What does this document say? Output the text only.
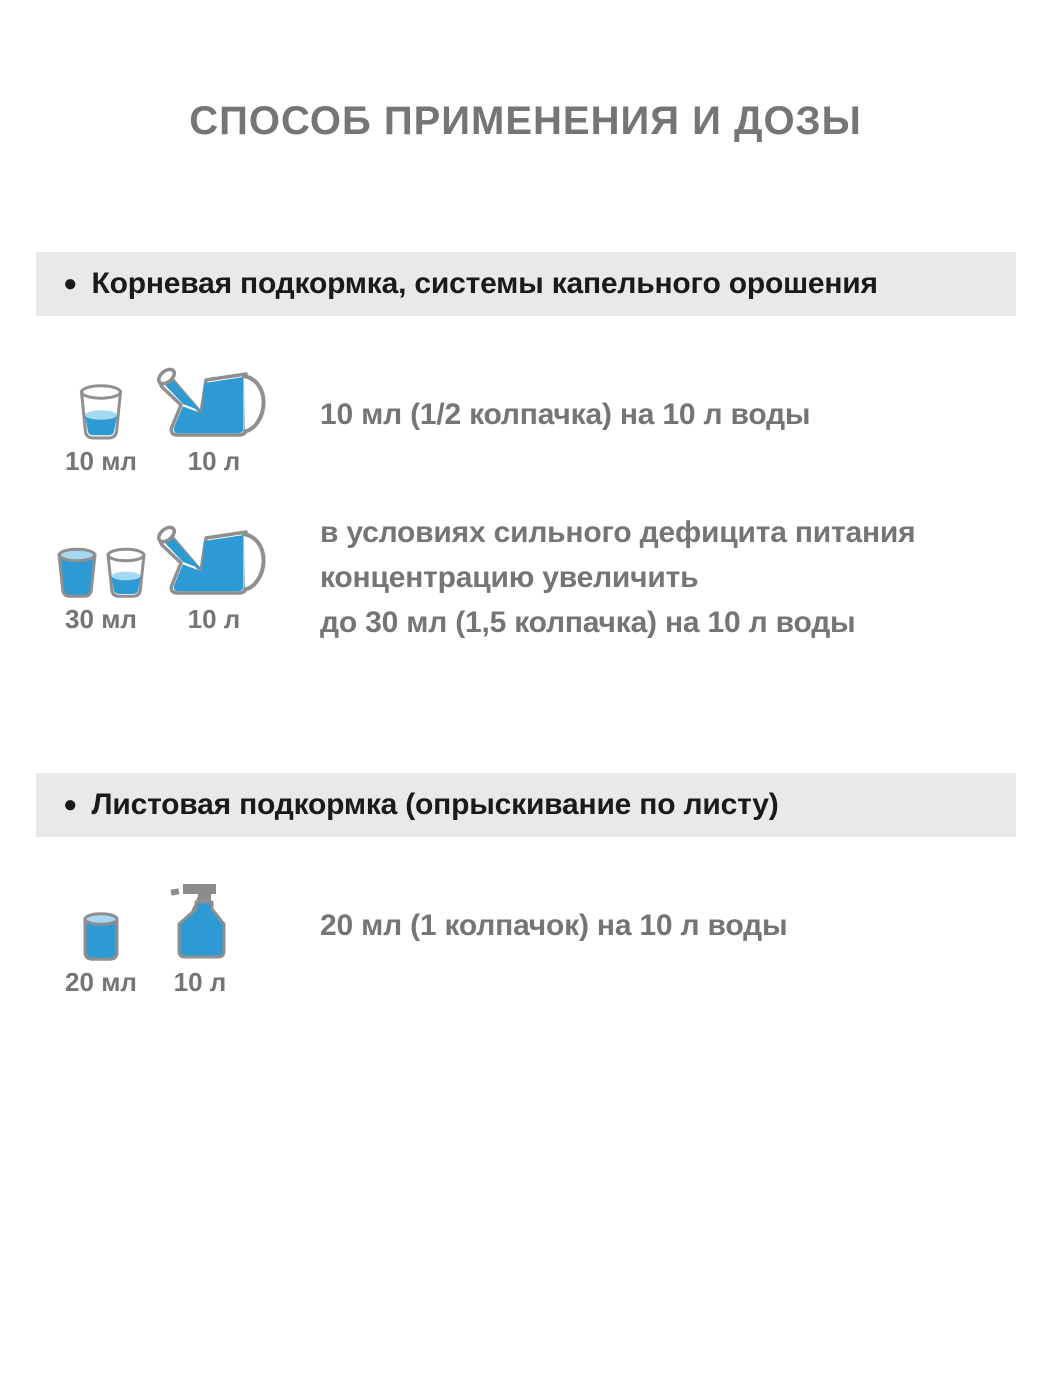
СПОСОБ ПРИМЕНЕНИЯ И ДОЗЫ
● Корневая подкормка, системы капельного орошения
10 мл 10 л
10 мл (1/2 колпачка) на 10 л воды
30 мл 10 л
в условиях сильного дефицита питания
концентрацию увеличить
до 30 мл (1,5 колпачка) на 10 л воды
● Листовая подкормка (опрыскивание по листу)
20 мл 10 л
20 мл (1 колпачок) на 10 л воды
